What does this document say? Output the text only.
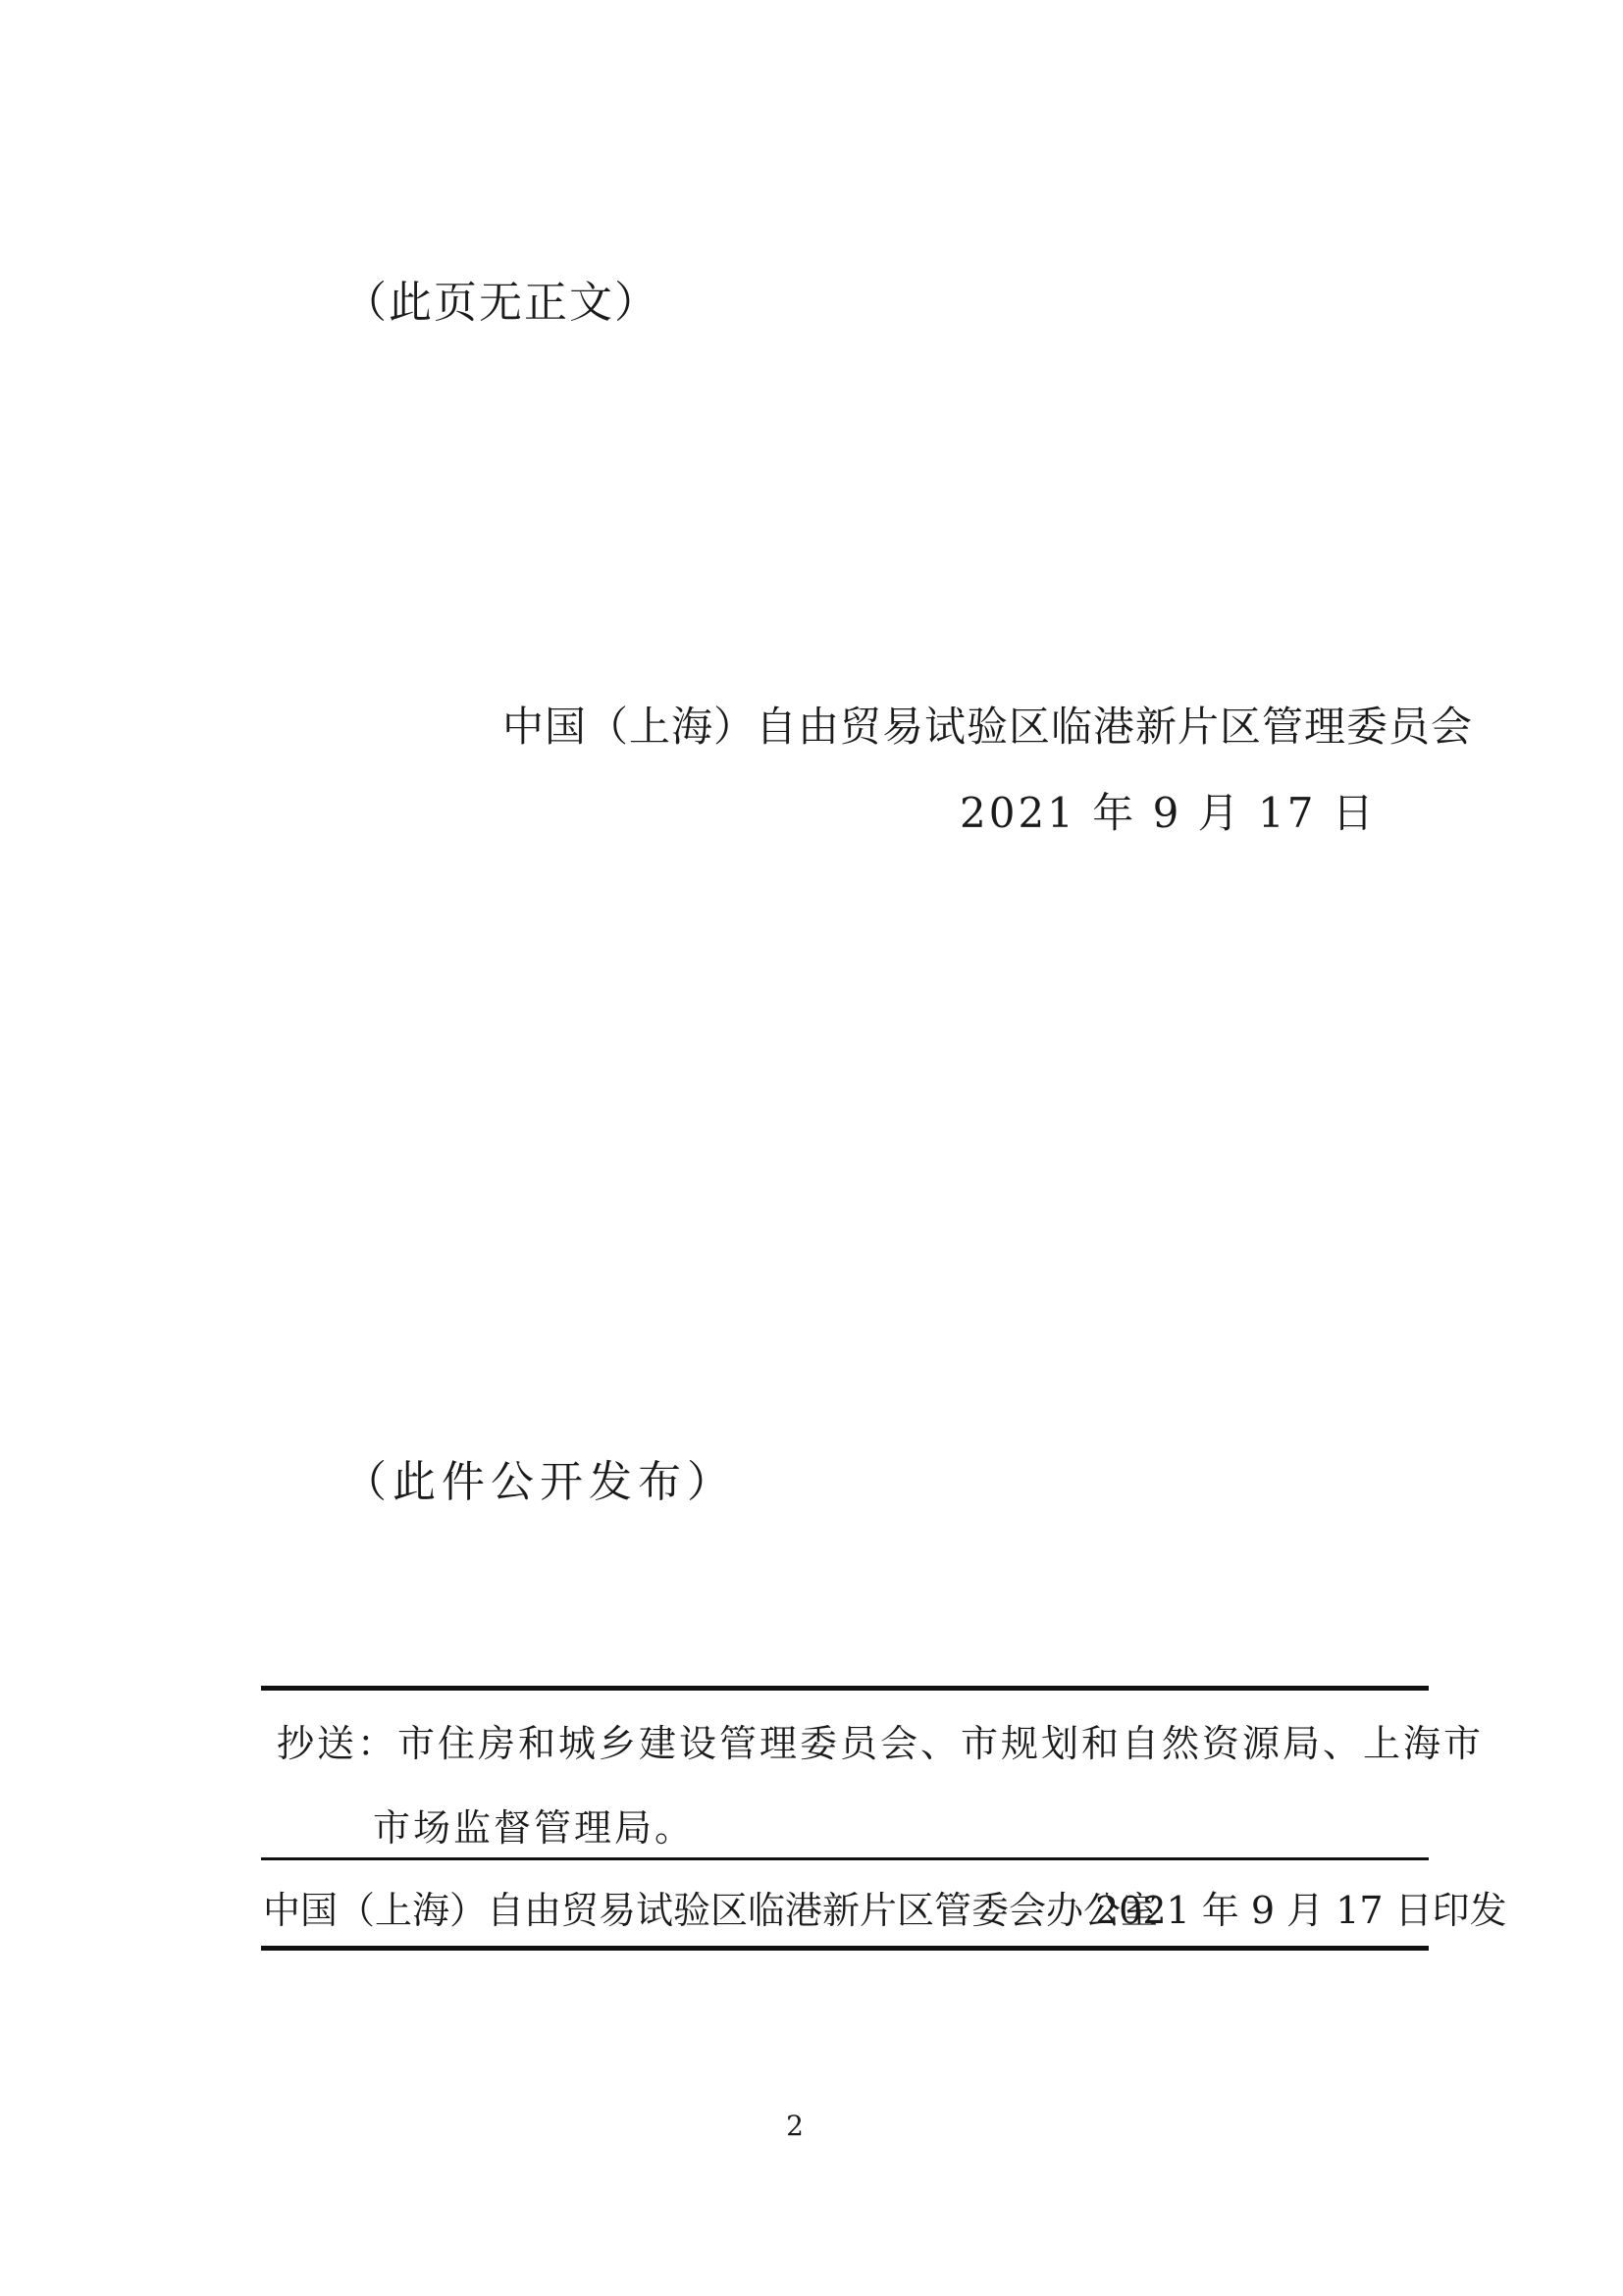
（此页无正文）
中国（上海）自由贸易试验区临港新片区管理委员会
2021 年 9 月 17 日
（此件公开发布）
抄送：市住房和城乡建设管理委员会、市规划和自然资源局、上海市
市场监督管理局。
中国（上海）自由贸易试验区临港新片区管委会办公室
2021 年 9 月 17 日印发
2
